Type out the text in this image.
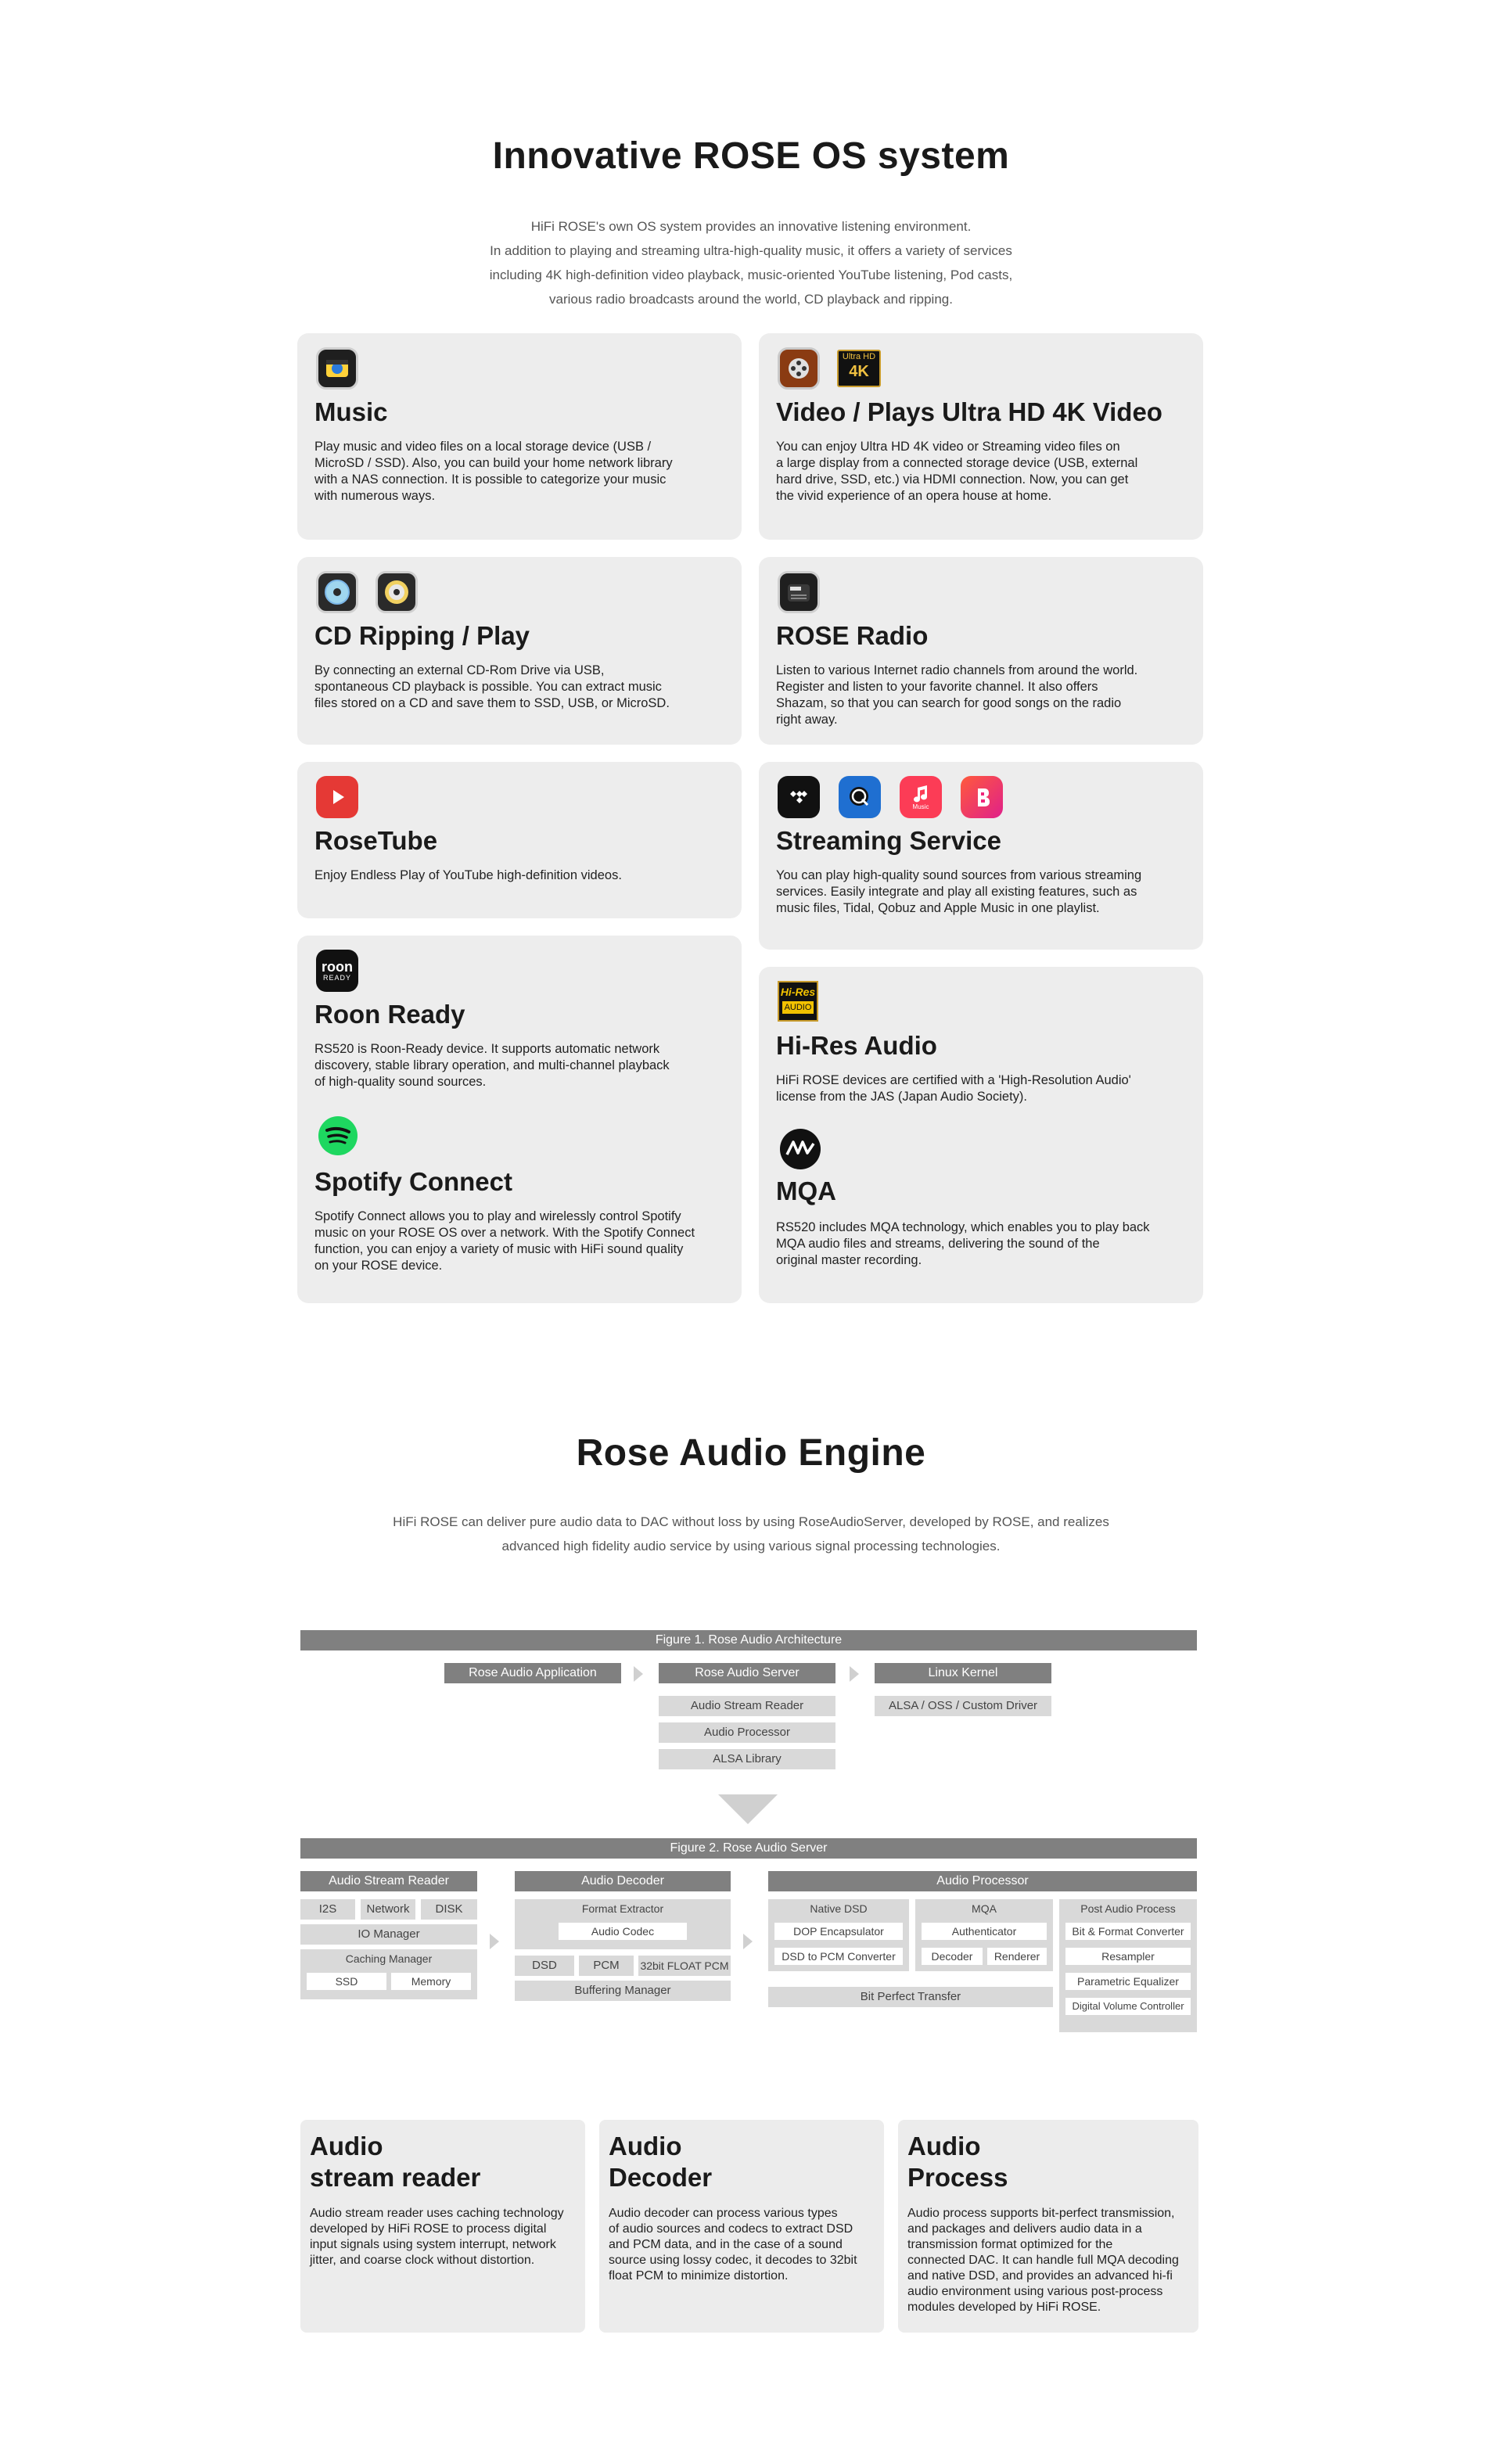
Innovative ROSE OS system
HiFi ROSE's own OS system provides an innovative listening environment.
In addition to playing and streaming ultra-high-quality music, it offers a variety of services
including 4K high-definition video playback, music-oriented YouTube listening, Pod casts,
various radio broadcasts around the world, CD playback and ripping.
Music
Play music and video files on a local storage device (USB /
MicroSD / SSD). Also, you can build your home network library
with a NAS connection. It is possible to categorize your music
with numerous ways.
Ultra HD
4K
Video / Plays Ultra HD 4K Video
You can enjoy Ultra HD 4K video or Streaming video files on
a large display from a connected storage device (USB, external
hard drive, SSD, etc.) via HDMI connection. Now, you can get
the vivid experience of an opera house at home.
CD Ripping / Play
By connecting an external CD-Rom Drive via USB,
spontaneous CD playback is possible. You can extract music
files stored on a CD and save them to SSD, USB, or MicroSD.
ROSE Radio
Listen to various Internet radio channels from around the world.
Register and listen to your favorite channel. It also offers
Shazam, so that you can search for good songs on the radio
right away.
RoseTube
Enjoy Endless Play of YouTube high-definition videos.
Music
Streaming Service
You can play high-quality sound sources from various streaming
services. Easily integrate and play all existing features, such as
music files, Tidal, Qobuz and Apple Music in one playlist.
roon
READY
Roon Ready
RS520 is Roon-Ready device. It supports automatic network
discovery, stable library operation, and multi-channel playback
of high-quality sound sources.
Spotify Connect
Spotify Connect allows you to play and wirelessly control Spotify
music on your ROSE OS over a network. With the Spotify Connect
function, you can enjoy a variety of music with HiFi sound quality
on your ROSE device.
Hi-Res
AUDIO
Hi-Res Audio
HiFi ROSE devices are certified with a 'High-Resolution Audio'
license from the JAS (Japan Audio Society).
MQA
RS520 includes MQA technology, which enables you to play back
MQA audio files and streams, delivering the sound of the
original master recording.
Rose Audio Engine
HiFi ROSE can deliver pure audio data to DAC without loss by using RoseAudioServer, developed by ROSE, and realizes
advanced high fidelity audio service by using various signal processing technologies.
Figure 1. Rose Audio Architecture
Rose Audio Application	Rose Audio Server
Audio Stream Reader
Audio Processor
ALSA Library
Linux Kernel
ALSA / OSS / Custom Driver
Figure 2. Rose Audio Server
Audio Stream Reader
I2S	Network	DISK
IO Manager
Caching Manager
SSD	Memory
Audio Decoder
Format Extractor
Audio Codec
DSD	PCM	32bit FLOAT PCM
Buffering Manager
Audio Processor
Native DSD
DOP Encapsulator
DSD to PCM Converter
MQA
Authenticator
Decoder	Renderer
Bit Perfect Transfer
Post Audio Process
Bit & Format Converter
Resampler
Parametric Equalizer
Digital Volume Controller
Audio
stream reader
Audio stream reader uses caching technology
developed by HiFi ROSE to process digital
input signals using system interrupt, network
jitter, and coarse clock without distortion.
Audio
Decoder
Audio decoder can process various types
of audio sources and codecs to extract DSD
and PCM data, and in the case of a sound
source using lossy codec, it decodes to 32bit
float PCM to minimize distortion.
Audio
Process
Audio process supports bit-perfect transmission,
and packages and delivers audio data in a
transmission format optimized for the
connected DAC. It can handle full MQA decoding
and native DSD, and provides an advanced hi-fi
audio environment using various post-process
modules developed by HiFi ROSE.
